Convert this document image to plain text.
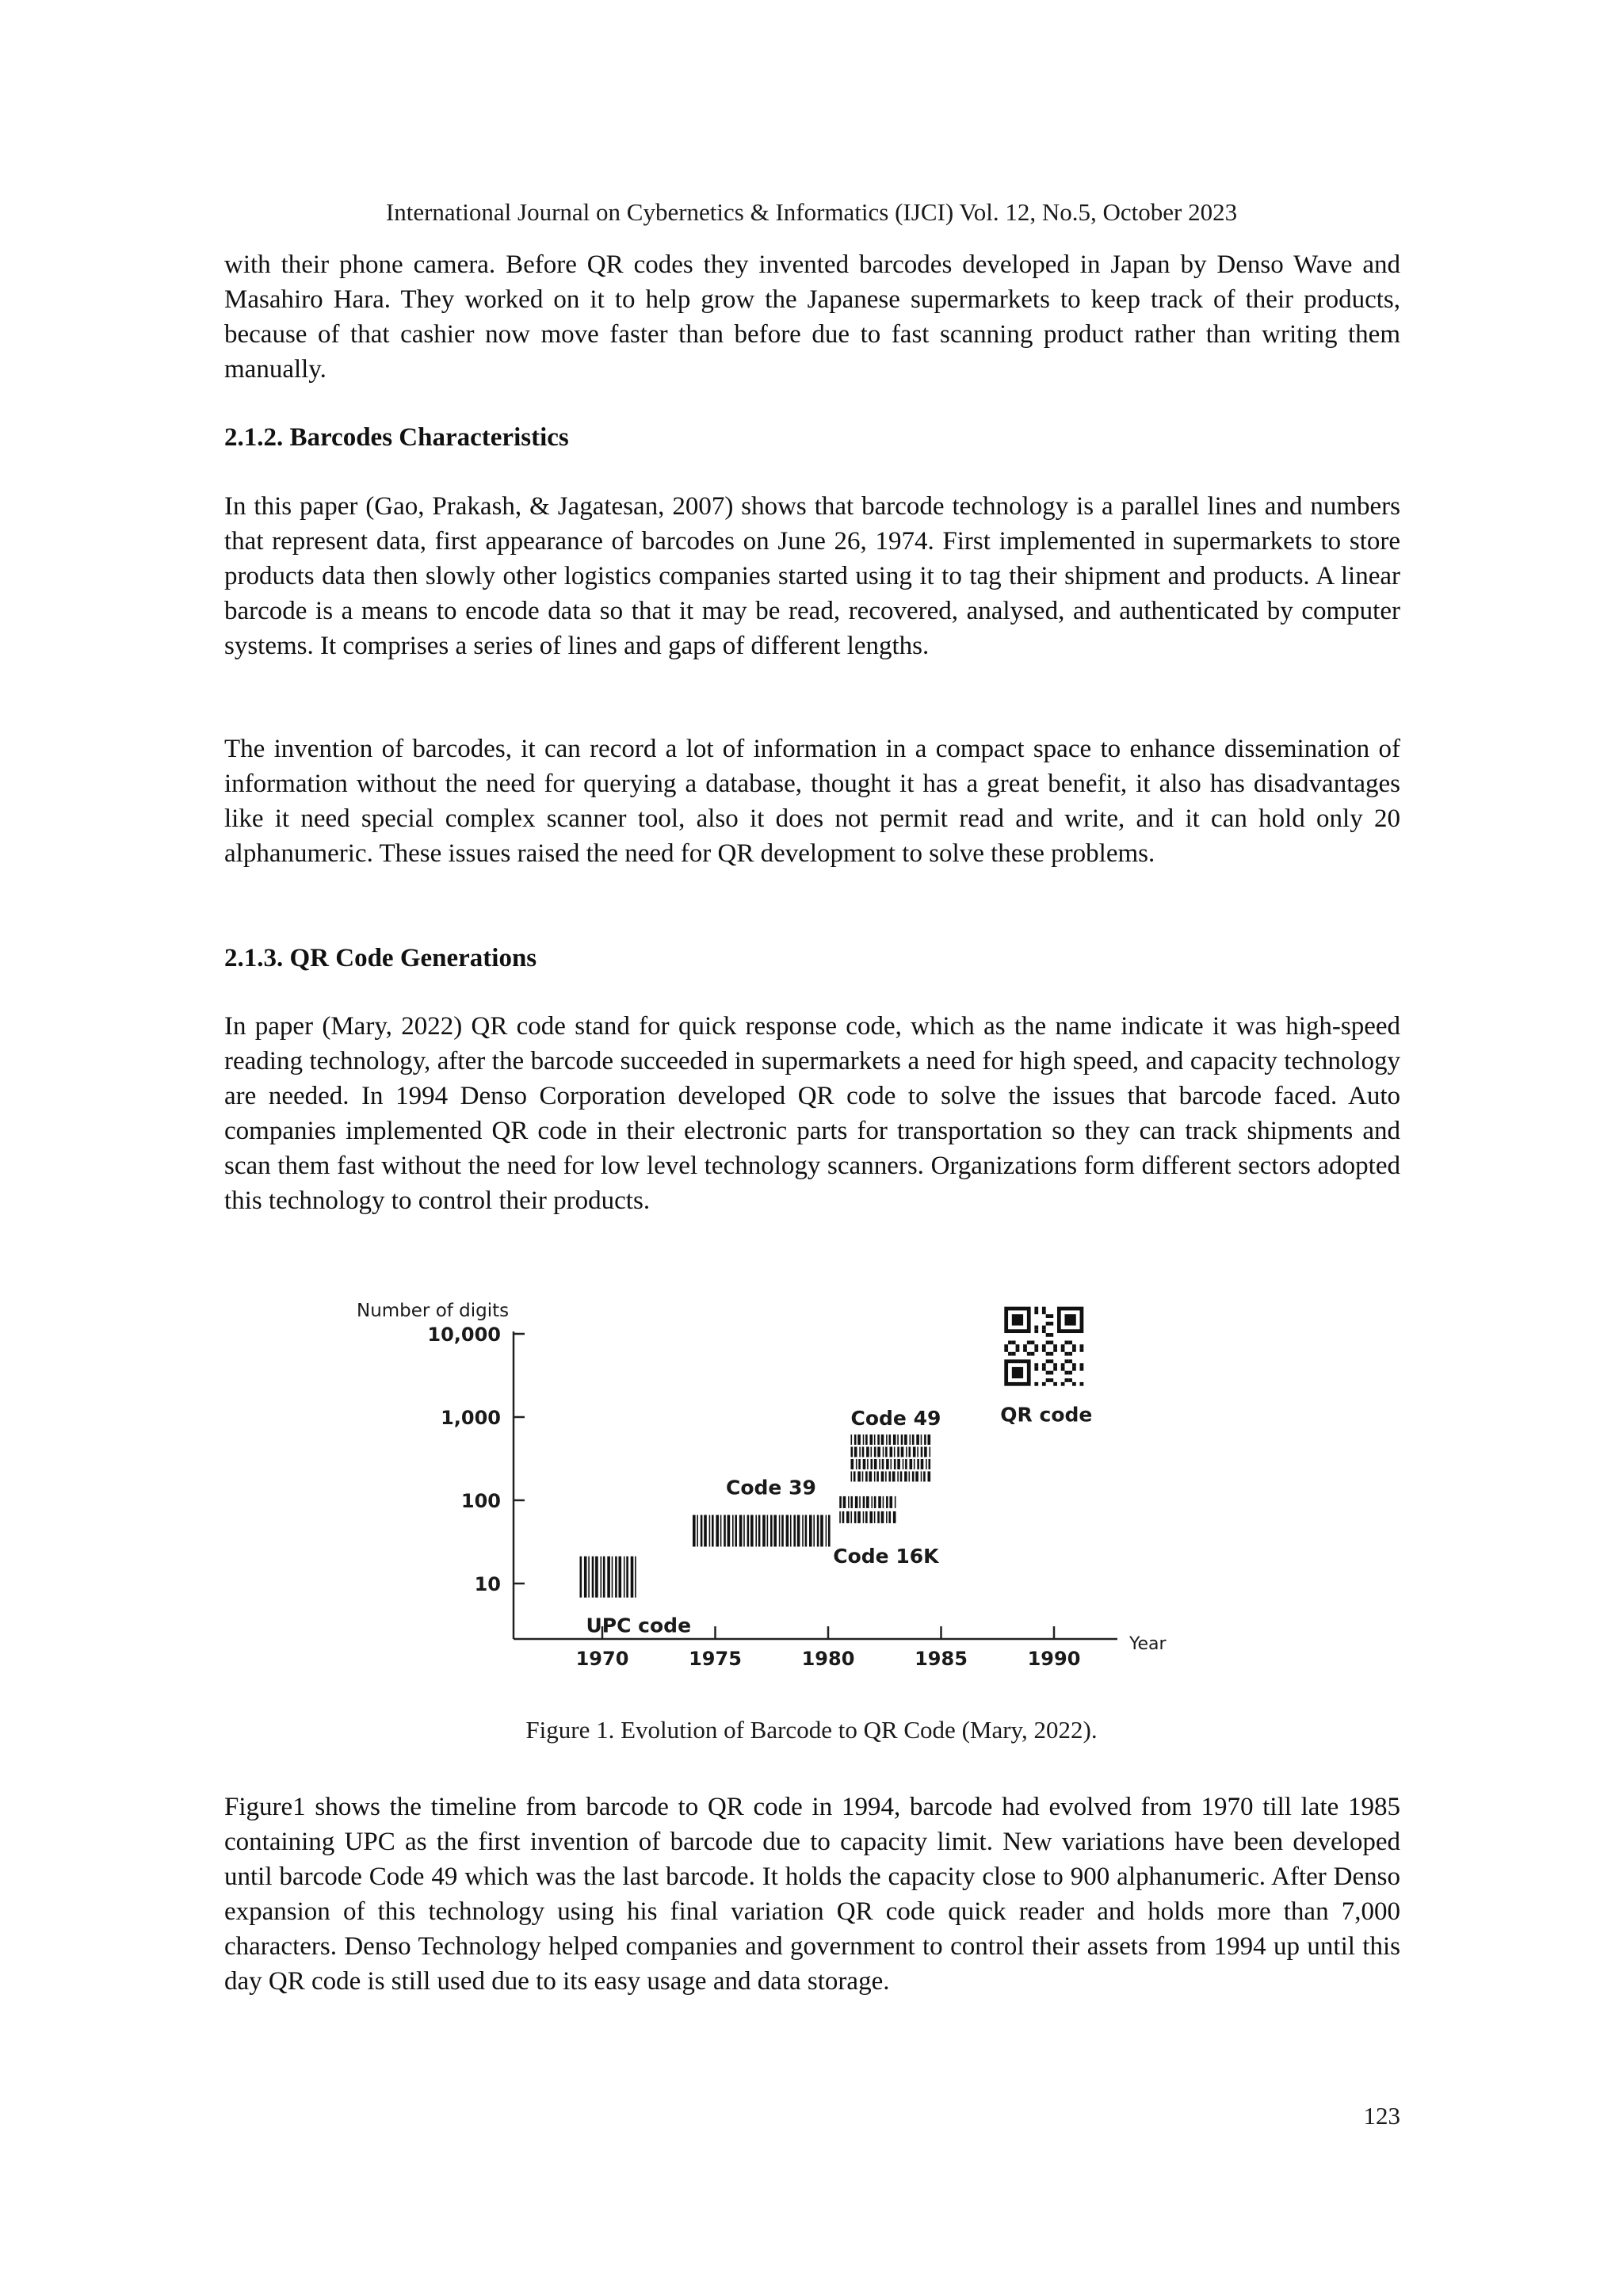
International Journal on Cybernetics & Informatics (IJCI) Vol. 12, No.5, October 2023

with their phone camera. Before QR codes they invented barcodes developed in Japan by Denso Wave and Masahiro Hara. They worked on it to help grow the Japanese supermarkets to keep track of their products, because of that cashier now move faster than before due to fast scanning product rather than writing them manually.

2.1.2. Barcodes Characteristics

In this paper (Gao, Prakash, & Jagatesan, 2007) shows that barcode technology is a parallel lines and numbers that represent data, first appearance of barcodes on June 26, 1974. First implemented in supermarkets to store products data then slowly other logistics companies started using it to tag their shipment and products. A linear barcode is a means to encode data so that it may be read, recovered, analysed, and authenticated by computer systems. It comprises a series of lines and gaps of different lengths.

The invention of barcodes, it can record a lot of information in a compact space to enhance dissemination of information without the need for querying a database, thought it has a great benefit, it also has disadvantages like it need special complex scanner tool, also it does not permit read and write, and it can hold only 20 alphanumeric. These issues raised the need for QR development to solve these problems.

2.1.3. QR Code Generations

In paper (Mary, 2022) QR code stand for quick response code, which as the name indicate it was high-speed reading technology, after the barcode succeeded in supermarkets a need for high speed, and capacity technology are needed. In 1994 Denso Corporation developed QR code to solve the issues that barcode faced. Auto companies implemented QR code in their electronic parts for transportation so they can track shipments and scan them fast without the need for low level technology scanners. Organizations form different sectors adopted this technology to control their products.

Number of digits
Year
10
100
1,000
10,000
1970	1975	1980	1985	1990
UPC code
Code 39
Code 16K
Code 49	QR code
Figure 1. Evolution of Barcode to QR Code (Mary, 2022).

Figure1 shows the timeline from barcode to QR code in 1994, barcode had evolved from 1970 till late 1985 containing UPC as the first invention of barcode due to capacity limit. New variations have been developed until barcode Code 49 which was the last barcode. It holds the capacity close to 900 alphanumeric. After Denso expansion of this technology using his final variation QR code quick reader and holds more than 7,000 characters. Denso Technology helped companies and government to control their assets from 1994 up until this day QR code is still used due to its easy usage and data storage.

123
